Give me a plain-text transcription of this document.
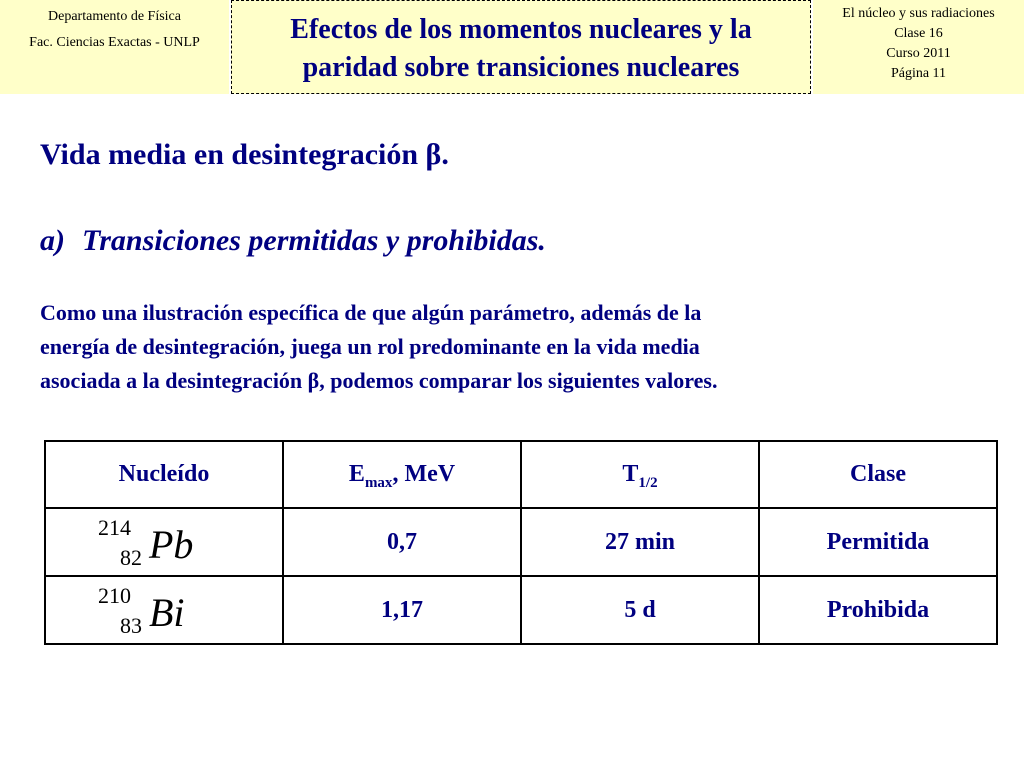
Departamento de Física
Fac. Ciencias Exactas - UNLP	Efectos de los momentos nucleares y la
paridad sobre transiciones nucleares
El núcleo y sus radiaciones
Clase 16
Curso 2011
Página 11
Vida media en desintegración β.
a) Transiciones permitidas y prohibidas.
Como una ilustración específica de que algún parámetro, además de la
energía de desintegración, juega un rol predominante en la vida media
asociada a la desintegración β, podemos comparar los siguientes valores.
Nucleído	$E_{max}$, MeV	$T_{1/2}$	Clase

214
82 Pb	0,7	27 min	Permitida

210
83 Bi	1,17	5 d	Prohibida
